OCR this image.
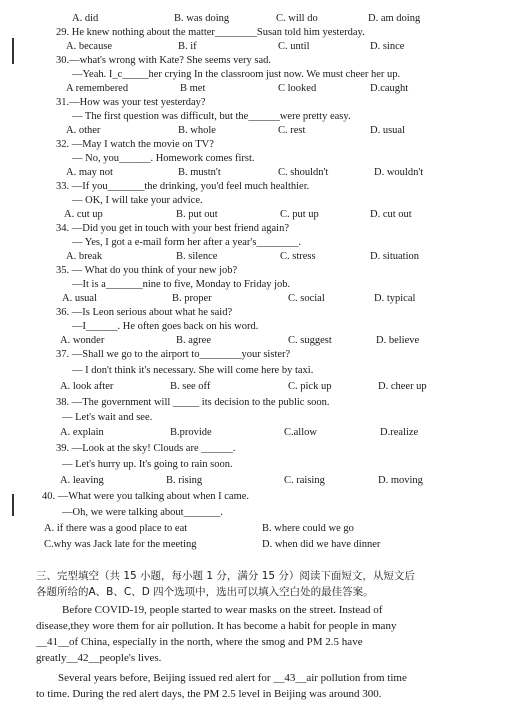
A. did	B. was doing	C. will do	D. am doing
29. He knew nothing about the matter________Susan told him yesterday.
A. because	B. if	C. until	D. since
30.—what's wrong with Kate? She seems very sad.
—Yeah. I_c_____her crying In the classroom just now. We must cheer her up.
A remembered	B met	C looked	D.caught
31.—How was your test yesterday?
— The first question was difficult, but the______were pretty easy.
A. other	B. whole	C. rest	D. usual
32. —May I watch the movie on TV?
— No, you______. Homework comes first.
A. may not	B. mustn't	C. shouldn't	D. wouldn't
33. —If you_______the drinking, you'd feel much healthier.
— OK, I will take your advice.
A. cut up	B. put out	C. put up	D. cut out
34. —Did you get in touch with your best friend again?
— Yes, I got a e-mail form her after a year's________.
A. break	B. silence	C. stress	D. situation
35. — What do you think of your new job?
—It is a_______nine to five, Monday to Friday job.
A. usual	B. proper	C. social	D. typical
36. —Is Leon serious about what he said?
—I______. He often goes back on his word.
A. wonder	B. agree	C. suggest	D. believe
37. —Shall we go to the airport to________your sister?
— I don't think it's necessary. She will come here by taxi.
A. look after	B. see off	C. pick up	D. cheer up
38. —The government will _____ its decision to the public soon.
— Let's wait and see.
A. explain	B.provide	C.allow	D.realize
39. —Look at the sky! Clouds are ______.
— Let's hurry up. It's going to rain soon.
A. leaving	B. rising	C. raising	D. moving
40. —What were you talking about when I came.
—Oh, we were talking about_______.
A. if there was a good place to eat	B. where could we go
C.why was Jack late for the meeting	D. when did we have dinner
三、完型填空（共 15 小题，每小题 1 分，满分 15 分）阅读下面短文，从短文后
各题所给的A、B、C、D 四个选项中，选出可以填入空白处的最佳答案。
Before COVID-19, people started to wear masks on the street. Instead of
disease,they wore them for air pollution. It has become a habit for people in many
__41__of China, especially in the north, where the smog and PM 2.5 have
greatly__42__people's lives.
Several years before, Beijing issued red alert for __43__air pollution from time
to time. During the red alert days, the PM 2.5 level in Beijing was around 300.
